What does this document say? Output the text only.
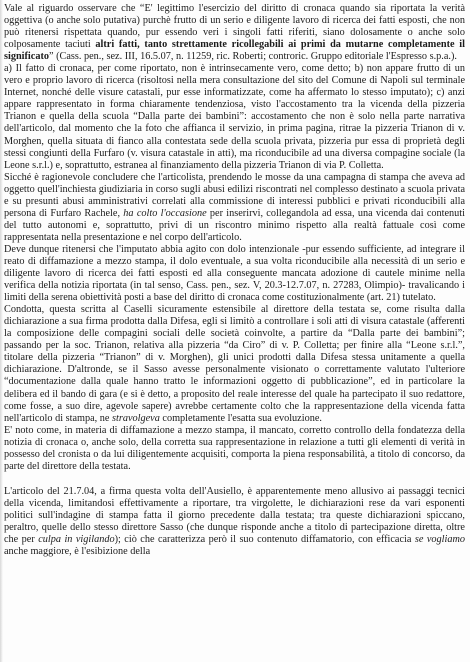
Vale al riguardo osservare che “E' legittimo l'esercizio del diritto di cronaca quando sia riportata la verità oggettiva (o anche solo putativa) purchè frutto di un serio e diligente lavoro di ricerca dei fatti esposti, che non può ritenersi rispettata quando, pur essendo veri i singoli fatti riferiti, siano dolosamente o anche solo colposamente taciuti altri fatti, tanto strettamente ricollegabili ai primi da mutarne completamente il significato” (Cass. pen., sez. III, 16.5.07, n. 11259, ric. Roberti; controric. Gruppo editoriale l'Espresso s.p.a.).

a) Il fatto di cronaca, per come riportato, non è intrinsecamente vero, come detto; b) non appare frutto di un vero e proprio lavoro di ricerca (risoltosi nella mera consultazione del sito del Comune di Napoli sul terminale Internet, nonché delle visure catastali, pur esse informatizzate, come ha affermato lo stesso imputato); c) anzi appare rappresentato in forma chiaramente tendenziosa, visto l'accostamento tra la vicenda della pizzeria Trianon e quella della scuola “Dalla parte dei bambini”: accostamento che non è solo nella parte narrativa dell'articolo, dal momento che la foto che affianca il servizio, in prima pagina, ritrae la pizzeria Trianon di v. Morghen, quella situata di fianco alla contestata sede della scuola privata, pizzeria pur essa di proprietà degli stessi congiunti della Furfaro (v. visura catastale in atti), ma riconducibile ad una diversa compagine sociale (la Leone s.r.l.) e, soprattutto, estranea al finanziamento della pizzeria Trianon di via P. Colletta.

Sicché è ragionevole concludere che l'articolista, prendendo le mosse da una campagna di stampa che aveva ad oggetto quell'inchiesta giudiziaria in corso sugli abusi edilizi riscontrati nel complesso destinato a scuola privata e su presunti abusi amministrativi correlati alla commissione di interessi pubblici e privati riconducibili alla persona di Furfaro Rachele, ha colto l'occasione per inserirvi, collegandola ad essa, una vicenda dai contenuti del tutto autonomi e, soprattutto, privi di un riscontro minimo rispetto alla realtà fattuale così come rappresentata nella presentazione e nel corpo dell'articolo.

Deve dunque ritenersi che l'imputato abbia agito con dolo intenzionale -pur essendo sufficiente, ad integrare il reato di diffamazione a mezzo stampa, il dolo eventuale, a sua volta riconducibile alla necessità di un serio e diligente lavoro di ricerca dei fatti esposti ed alla conseguente mancata adozione di cautele minime nella verifica della notizia riportata (in tal senso, Cass. pen., sez. V, 20.3-12.7.07, n. 27283, Olimpio)- travalicando i limiti della serena obiettività posti a base del diritto di cronaca come costituzionalmente (art. 21) tutelato.

Condotta, questa scritta al Caselli sicuramente estensibile al direttore della testata se, come risulta dalla dichiarazione a sua firma prodotta dalla Difesa, egli si limitò a controllare i soli atti di visura catastale (afferenti la composizione delle compagini sociali delle società coinvolte, a partire da “Dalla parte dei bambini”; passando per la soc. Trianon, relativa alla pizzeria “da Ciro” di v. P. Colletta; per finire alla “Leone s.r.l.”, titolare della pizzeria “Trianon” di v. Morghen), gli unici prodotti dalla Difesa stessa unitamente a quella dichiarazione. D'altronde, se il Sasso avesse personalmente visionato o correttamente valutato l'ulteriore “documentazione dalla quale hanno tratto le informazioni oggetto di pubblicazione”, ed in particolare la delibera ed il bando di gara (e si è detto, a proposito del reale interesse del quale ha partecipato il suo redattore, come fosse, a suo dire, agevole sapere) avrebbe certamente colto che la rappresentazione della vicenda fatta nell'articolo di stampa, ne stravolgeva completamente l'esatta sua evoluzione.

E' noto come, in materia di diffamazione a mezzo stampa, il mancato, corretto controllo della fondatezza della notizia di cronaca o, anche solo, della corretta sua rappresentazione in relazione a tutti gli elementi di verità in possesso del cronista o da lui diligentemente acquisiti, comporta la piena responsabilità, a titolo di concorso, da parte del direttore della testata.

L'articolo del 21.7.04, a firma questa volta dell'Ausiello, è apparentemente meno allusivo ai passaggi tecnici della vicenda, limitandosi effettivamente a riportare, tra virgolette, le dichiarazioni rese da vari esponenti politici sull'indagine di stampa fatta il giorno precedente dalla testata; tra queste dichiarazioni spiccano, peraltro, quelle dello stesso direttore Sasso (che dunque risponde anche a titolo di partecipazione diretta, oltre che per culpa in vigilando); ciò che caratterizza però il suo contenuto diffamatorio, con efficacia se vogliamo anche maggiore, è l'esibizione della
